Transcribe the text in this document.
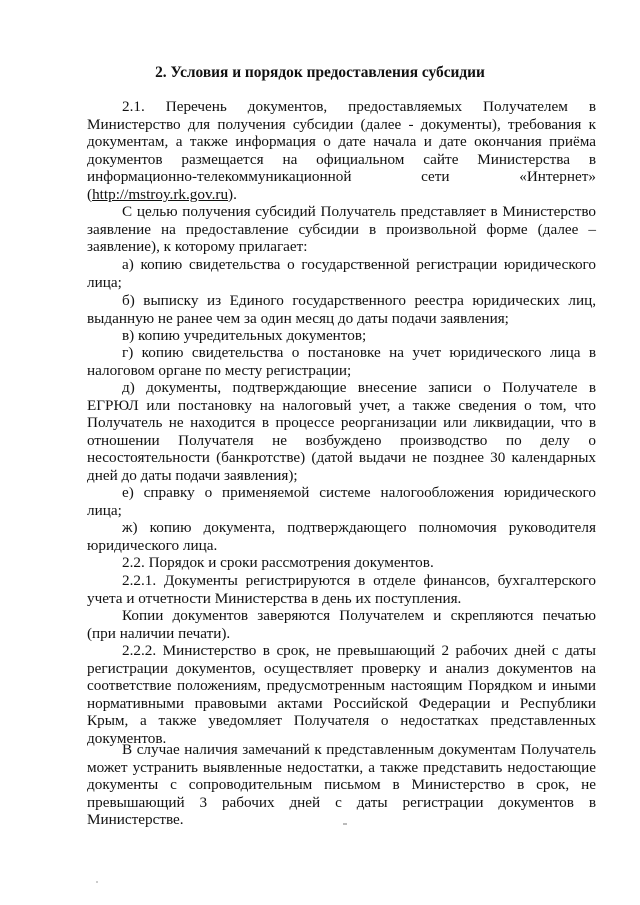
2. Условия и порядок предоставления субсидии
2.1. Перечень документов, предоставляемых Получателем в Министерство для получения субсидии (далее - документы), требования к документам, а также информация о дате начала и дате окончания приёма документов размещается на официальном сайте Министерства в информационно-телекоммуникационной сети «Интернет» (http://mstroy.rk.gov.ru).

С целью получения субсидий Получатель представляет в Министерство заявление на предоставление субсидии в произвольной форме (далее – заявление), к которому прилагает:

а) копию свидетельства о государственной регистрации юридического лица;

б) выписку из Единого государственного реестра юридических лиц, выданную не ранее чем за один месяц до даты подачи заявления;

в) копию учредительных документов;

г) копию свидетельства о постановке на учет юридического лица в налоговом органе по месту регистрации;

д) документы, подтверждающие внесение записи о Получателе в ЕГРЮЛ или постановку на налоговый учет, а также сведения о том, что Получатель не находится в процессе реорганизации или ликвидации, что в отношении Получателя не возбуждено производство по делу о несостоятельности (банкротстве) (датой выдачи не позднее 30 календарных дней до даты подачи заявления);

е) справку о применяемой системе налогообложения юридического лица;

ж) копию документа, подтверждающего полномочия руководителя юридического лица.

2.2. Порядок и сроки рассмотрения документов.

2.2.1. Документы регистрируются в отделе финансов, бухгалтерского учета и отчетности Министерства в день их поступления.

Копии документов заверяются Получателем и скрепляются печатью (при наличии печати).

2.2.2. Министерство в срок, не превышающий 2 рабочих дней с даты регистрации документов, осуществляет проверку и анализ документов на соответствие положениям, предусмотренным настоящим Порядком и иными нормативными правовыми актами Российской Федерации и Республики Крым, а также уведомляет Получателя о недостатках представленных документов.

В случае наличия замечаний к представленным документам Получатель может устранить выявленные недостатки, а также представить недостающие документы с сопроводительным письмом в Министерство в срок, не превышающий 3 рабочих дней с даты регистрации документов в Министерстве.
